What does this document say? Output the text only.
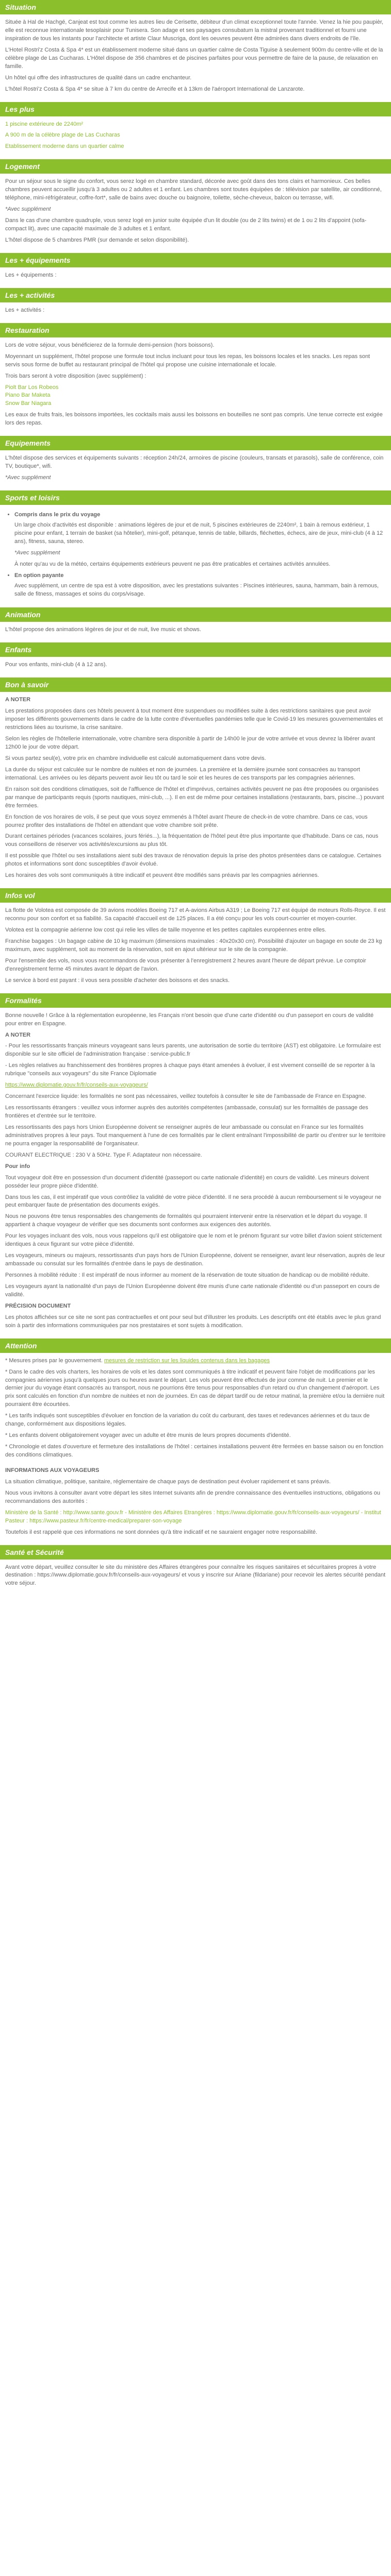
Situation

Située à Hal de Hachgé, Canjeat est tout comme les autres lieu de Cerisette, débiteur d'un climat exceptionnel toute l'année. Venez la hie pou paupièr, elle est reconnue internationale tesoplaisir pour Tunisera. Son adage et ses paysages consubatum la mistral provenant traditionnel et fourni une inspiration de tous les instants pour l'architecte et artiste Claur Muscriga, dont les oeuvres peuvent être admirées dans divers endroits de l'île.

L'Hotel Rostri'z Costa & Spa 4* est un établissement moderne situé dans un quartier calme de Costa Tiguise à seulement 900m du centre-ville et de la célèbre plage de Las Cucharas. L'Hôtel dispose de 356 chambres et de piscines parfaites pour vous permettre de faire de la pause, de relaxation en famille.

Un hôtel qui offre des infrastructures de qualité dans un cadre enchanteur.

L'hôtel Rostri'z Costa & Spa 4* se situe à 7 km du centre de Arrecife et à 13km de l'aéroport International de Lanzarote.

Les plus

1 piscine extérieure de 2240m²

A 900 m de la célèbre plage de Las Cucharas

Etablissement moderne dans un quartier calme

Logement

Pour un séjour sous le signe du confort, vous serez logé en chambre standard, décorée avec goût dans des tons clairs et harmonieux. Ces belles chambres peuvent accueillir jusqu'à 3 adultes ou 2 adultes et 1 enfant. Les chambres sont toutes équipées de : télévision par satellite, air conditionné, téléphone, mini-réfrigérateur, coffre-fort*, salle de bains avec douche ou baignoire, toilette, sèche-cheveux, balcon ou terrasse, wifi.

*Avec supplément

Dans le cas d'une chambre quadruple, vous serez logé en junior suite équipée d'un lit double (ou de 2 lits twins) et de 1 ou 2 lits d'appoint (sofa-compact lit), avec une capacité maximale de 3 adultes et 1 enfant.

L'hôtel dispose de 5 chambres PMR (sur demande et selon disponibilité).

Les + équipements

Les + équipements :

Les + activités

Les + activités :

Restauration

Lors de votre séjour, vous bénéficierez de la formule demi-pension (hors boissons).

Moyennant un supplément, l'hôtel propose une formule tout inclus incluant pour tous les repas, les boissons locales et les snacks. Les repas sont servis sous forme de buffet au restaurant principal de l'hôtel qui propose une cuisine internationale et locale.

Trois bars seront à votre disposition (avec supplément) :

Piolt Bar Los Robeos

Piano Bar Maketa

Snow Bar Niagara

Les eaux de fruits frais, les boissons importées, les cocktails mais aussi les boissons en bouteilles ne sont pas compris. Une tenue correcte est exigée lors des repas.

Equipements

L'hôtel dispose des services et équipements suivants : réception 24h/24, armoires de piscine (couleurs, transats et parasols), salle de conférence, coin TV, boutique*, wifi.

*Avec supplément

Sports et loisirs
• Compris dans le prix du voyage

Un large choix d'activités est disponible : animations légères de jour et de nuit, 5 piscines extérieures de 2240m², 1 bain à remous extérieur, 1 piscine pour enfant, 1 terrain de basket (sa hôtelier), mini-golf, pétanque, tennis de table, billards, fléchettes, échecs, aire de jeux, mini-club (4 à 12 ans), fitness, sauna, stereo.

*Avec supplément

À noter qu'au vu de la météo, certains équipements extérieurs peuvent ne pas être praticables et certaines activités annulées.

• En option payante

Avec supplément, un centre de spa est à votre disposition, avec les prestations suivantes : Piscines intérieures, sauna, hammam, bain à remous, salle de fitness, massages et soins du corps/visage.

Animation

L'hôtel propose des animations légères de jour et de nuit, live music et shows.

Enfants

Pour vos enfants, mini-club (4 à 12 ans).

Bon à savoir

A NOTER

Les prestations proposées dans ces hôtels peuvent à tout moment être suspendues ou modifiées suite à des restrictions sanitaires que peut avoir imposer les différents gouvernements dans le cadre de la lutte contre d'éventuelles pandémies telle que le Covid-19 les mesures gouvernementales et restrictions liées au tourisme, la crise sanitaire.

Selon les règles de l'hôtellerie internationale, votre chambre sera disponible à partir de 14h00 le jour de votre arrivée et vous devrez la libérer avant 12h00 le jour de votre départ.

Si vous partez seul(e), votre prix en chambre individuelle est calculé automatiquement dans votre devis.

La durée du séjour est calculée sur le nombre de nuitées et non de journées. La première et la dernière journée sont consacrées au transport international. Les arrivées ou les départs peuvent avoir lieu tôt ou tard le soir et les heures de ces transports par les compagnies aériennes.

En raison soit des conditions climatiques, soit de l'affluence de l'hôtel et d'imprévus, certaines activités peuvent ne pas être proposées ou organisées par manque de participants requis (sports nautiques, mini-club, ...). Il en est de même pour certaines installations (restaurants, bars, piscine...) pouvant être fermées.

En fonction de vos horaires de vols, il se peut que vous soyez emmenés à l'hôtel avant l'heure de check-in de votre chambre. Dans ce cas, vous pourrez profiter des installations de l'hôtel en attendant que votre chambre soit prête.

Durant certaines périodes (vacances scolaires, jours fériés...), la fréquentation de l'hôtel peut être plus importante que d'habitude. Dans ce cas, nous vous conseillons de réserver vos activités/excursions au plus tôt.

Il est possible que l'hôtel ou ses installations aient subi des travaux de rénovation depuis la prise des photos présentées dans ce catalogue. Certaines photos et informations sont donc susceptibles d'avoir évolué.

Les horaires des vols sont communiqués à titre indicatif et peuvent être modifiés sans préavis par les compagnies aériennes.

Infos vol

La flotte de Volotea est composée de 39 avions modèles Boeing 717 et A-avions Airbus A319 ; Le Boeing 717 est équipé de moteurs Rolls-Royce. Il est reconnu pour son confort et sa fiabilité. Sa capacité d'accueil est de 125 places. Il a été conçu pour les vols court-courrier et moyen-courrier.

Volotea est la compagnie aérienne low cost qui relie les villes de taille moyenne et les petites capitales européennes entre elles.

Franchise bagages : Un bagage cabine de 10 kg maximum (dimensions maximales : 40x20x30 cm). Possibilité d'ajouter un bagage en soute de 23 kg maximum, avec supplément, soit au moment de la réservation, soit en ajout ultérieur sur le site de la compagnie.

Pour l'ensemble des vols, nous vous recommandons de vous présenter à l'enregistrement 2 heures avant l'heure de départ prévue. Le comptoir d'enregistrement ferme 45 minutes avant le départ de l'avion.

Le service à bord est payant : il vous sera possible d'acheter des boissons et des snacks.

Formalités

Bonne nouvelle ! Grâce à la réglementation européenne, les Français n'ont besoin que d'une carte d'identité ou d'un passeport en cours de validité pour entrer en Espagne.

A NOTER

- Pour les ressortissants français mineurs voyageant sans leurs parents, une autorisation de sortie du territoire (AST) est obligatoire. Le formulaire est disponible sur le site officiel de l'administration française : service-public.fr

- Les règles relatives au franchissement des frontières propres à chaque pays étant amenées à évoluer, il est vivement conseillé de se reporter à la rubrique "conseils aux voyageurs" du site France Diplomatie

https://www.diplomatie.gouv.fr/fr/conseils-aux-voyageurs/

Concernant l'exercice liquide: les formalités ne sont pas nécessaires, veillez toutefois à consulter le site de l'ambassade de France en Espagne.

Les ressortissants étrangers : veuillez vous informer auprès des autorités compétentes (ambassade, consulat) sur les formalités de passage des frontières et d'entrée sur le territoire.

Les ressortissants des pays hors Union Européenne doivent se renseigner auprès de leur ambassade ou consulat en France sur les formalités administratives propres à leur pays. Tout manquement à l'une de ces formalités par le client entraînant l'impossibilité de partir ou d'entrer sur le territoire ne pourra engager la responsabilité de l'organisateur.

COURANT ELECTRIQUE : 230 V à 50Hz. Type F. Adaptateur non nécessaire.

Pour info

Tout voyageur doit être en possession d'un document d'identité (passeport ou carte nationale d'identité) en cours de validité. Les mineurs doivent posséder leur propre pièce d'identité.

Dans tous les cas, il est impératif que vous contrôliez la validité de votre pièce d'identité. Il ne sera procédé à aucun remboursement si le voyageur ne peut embarquer faute de présentation des documents exigés.

Nous ne pouvons être tenus responsables des changements de formalités qui pourraient intervenir entre la réservation et le départ du voyage. Il appartient à chaque voyageur de vérifier que ses documents sont conformes aux exigences des autorités.

Pour les voyages incluant des vols, nous vous rappelons qu'il est obligatoire que le nom et le prénom figurant sur votre billet d'avion soient strictement identiques à ceux figurant sur votre pièce d'identité.

Les voyageurs, mineurs ou majeurs, ressortissants d'un pays hors de l'Union Européenne, doivent se renseigner, avant leur réservation, auprès de leur ambassade ou consulat sur les formalités d'entrée dans le pays de destination.

Personnes à mobilité réduite : Il est impératif de nous informer au moment de la réservation de toute situation de handicap ou de mobilité réduite.

Les voyageurs ayant la nationalité d'un pays de l'Union Européenne doivent être munis d'une carte nationale d'identité ou d'un passeport en cours de validité.

PRÉCISION DOCUMENT

Les photos affichées sur ce site ne sont pas contractuelles et ont pour seul but d'illustrer les produits. Les descriptifs ont été établis avec le plus grand soin à partir des informations communiquées par nos prestataires et sont sujets à modification.

Attention

* Mesures prises par le gouvernement. mesures de restriction sur les liquides contenus dans les bagages

* Dans le cadre des vols charters, les horaires de vols et les dates sont communiqués à titre indicatif et peuvent faire l'objet de modifications par les compagnies aériennes jusqu'à quelques jours ou heures avant le départ. Les vols peuvent être effectués de jour comme de nuit. Le premier et le dernier jour du voyage étant consacrés au transport, nous ne pourrions être tenus pour responsables d'un retard ou d'un changement d'aéroport. Les prix sont calculés en fonction d'un nombre de nuitées et non de journées. En cas de départ tardif ou de retour matinal, la première et/ou la dernière nuit pourraient être écourtées.

* Les tarifs indiqués sont susceptibles d'évoluer en fonction de la variation du coût du carburant, des taxes et redevances aériennes et du taux de change, conformément aux dispositions légales.

* Les enfants doivent obligatoirement voyager avec un adulte et être munis de leurs propres documents d'identité.

* Chronologie et dates d'ouverture et fermeture des installations de l'hôtel : certaines installations peuvent être fermées en basse saison ou en fonction des conditions climatiques.

INFORMATIONS AUX VOYAGEURS

La situation climatique, politique, sanitaire, réglementaire de chaque pays de destination peut évoluer rapidement et sans préavis.

Nous vous invitons à consulter avant votre départ les sites Internet suivants afin de prendre connaissance des éventuelles instructions, obligations ou recommandations des autorités :

Ministère de la Santé : http://www.sante.gouv.fr - Ministère des Affaires Etrangères : https://www.diplomatie.gouv.fr/fr/conseils-aux-voyageurs/ - Institut Pasteur : https://www.pasteur.fr/fr/centre-medical/preparer-son-voyage

Toutefois il est rappelé que ces informations ne sont données qu'à titre indicatif et ne sauraient engager notre responsabilité.

Santé et Sécurité

Avant votre départ, veuillez consulter le site du ministère des Affaires étrangères pour connaître les risques sanitaires et sécuritaires propres à votre destination : https://www.diplomatie.gouv.fr/fr/conseils-aux-voyageurs/ et vous y inscrire sur Ariane (fildariane) pour recevoir les alertes sécurité pendant votre séjour.
